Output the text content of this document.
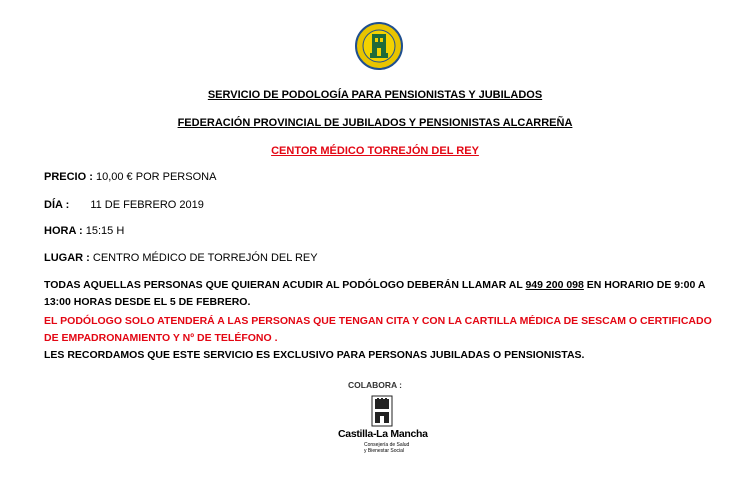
SERVICIO DE PODOLOGÍA PARA PENSIONISTAS Y JUBILADOS
FEDERACIÓN PROVINCIAL DE JUBILADOS Y PENSIONISTAS ALCARREÑA
CENTOR MÉDICO TORREJÓN DEL REY
PRECIO : 10,00 € POR PERSONA
DÍA : 11 DE FEBRERO 2019
HORA : 15:15 H
LUGAR : CENTRO MÉDICO DE TORREJÓN DEL REY
TODAS AQUELLAS PERSONAS QUE QUIERAN ACUDIR AL PODÓLOGO DEBERÁN LLAMAR AL 949 200 098 EN HORARIO DE 9:00 A 13:00 HORAS DESDE EL 5 DE FEBRERO.
EL PODÓLOGO SOLO ATENDERÁ A LAS PERSONAS QUE TENGAN CITA Y CON LA CARTILLA MÉDICA DE SESCAM O CERTIFICADO DE EMPADRONAMIENTO Y Nº DE TELÉFONO .
LES RECORDAMOS QUE ESTE SERVICIO ES EXCLUSIVO PARA PERSONAS JUBILADAS O PENSIONISTAS.
COLABORA :
Castilla-La Mancha
Consejería de Salud
y Bienestar Social
